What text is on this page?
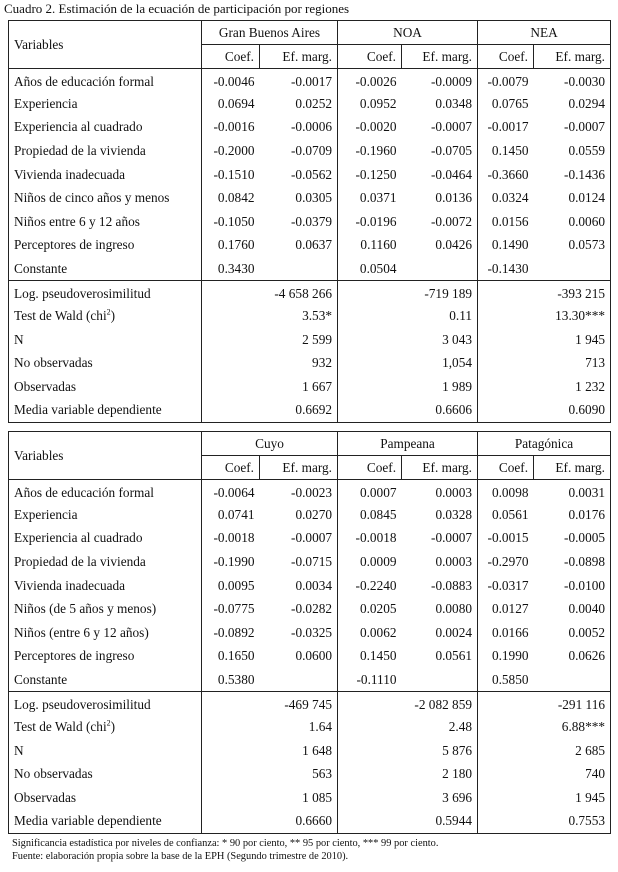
Cuadro 2. Estimación de la ecuación de participación por regiones
Variables	Gran Buenos Aires		NOA		NEA	
	Coef.	Ef. marg.	Coef.	Ef. marg.	Coef.	Ef. marg.
Años de educación formal	-0.0046	-0.0017	-0.0026	-0.0009	-0.0079	-0.0030
Experiencia	0.0694	0.0252	0.0952	0.0348	0.0765	0.0294
Experiencia al cuadrado	-0.0016	-0.0006	-0.0020	-0.0007	-0.0017	-0.0007
Propiedad de la vivienda	-0.2000	-0.0709	-0.1960	-0.0705	0.1450	0.0559
Vivienda inadecuada	-0.1510	-0.0562	-0.1250	-0.0464	-0.3660	-0.1436
Niños de cinco años y menos	0.0842	0.0305	0.0371	0.0136	0.0324	0.0124
Niños entre 6 y 12 años	-0.1050	-0.0379	-0.0196	-0.0072	0.0156	0.0060
Perceptores de ingreso	0.1760	0.0637	0.1160	0.0426	0.1490	0.0573
Constante	0.3430		0.0504		-0.1430	
Log. pseudoverosimilitud	-4 658 266		-719 189		-393 215	
Test de Wald (chi$^2$)	3.53*		0.11		13.30***	
N	2 599		3 043		1 945	
No observadas	932		1,054		713	
Observadas	1 667		1 989		1 232	
Media variable dependiente	0.6692		0.6606		0.6090	
Variables	Cuyo		Pampeana		Patagónica	
	Coef.	Ef. marg.	Coef.	Ef. marg.	Coef.	Ef. marg.
Años de educación formal	-0.0064	-0.0023	0.0007	0.0003	0.0098	0.0031
Experiencia	0.0741	0.0270	0.0845	0.0328	0.0561	0.0176
Experiencia al cuadrado	-0.0018	-0.0007	-0.0018	-0.0007	-0.0015	-0.0005
Propiedad de la vivienda	-0.1990	-0.0715	0.0009	0.0003	-0.2970	-0.0898
Vivienda inadecuada	0.0095	0.0034	-0.2240	-0.0883	-0.0317	-0.0100
Niños (de 5 años y menos)	-0.0775	-0.0282	0.0205	0.0080	0.0127	0.0040
Niños (entre 6 y 12 años)	-0.0892	-0.0325	0.0062	0.0024	0.0166	0.0052
Perceptores de ingreso	0.1650	0.0600	0.1450	0.0561	0.1990	0.0626
Constante	0.5380		-0.1110		0.5850	
Log. pseudoverosimilitud	-469 745		-2 082 859		-291 116	
Test de Wald (chi$^2$)	1.64		2.48		6.88***	
N	1 648		5 876		2 685	
No observadas	563		2 180		740	
Observadas	1 085		3 696		1 945	
Media variable dependiente	0.6660		0.5944		0.7553	
Significancia estadística por niveles de confianza: * 90 por ciento, ** 95 por ciento, *** 99 por ciento.
Fuente: elaboración propia sobre la base de la EPH (Segundo trimestre de 2010).
